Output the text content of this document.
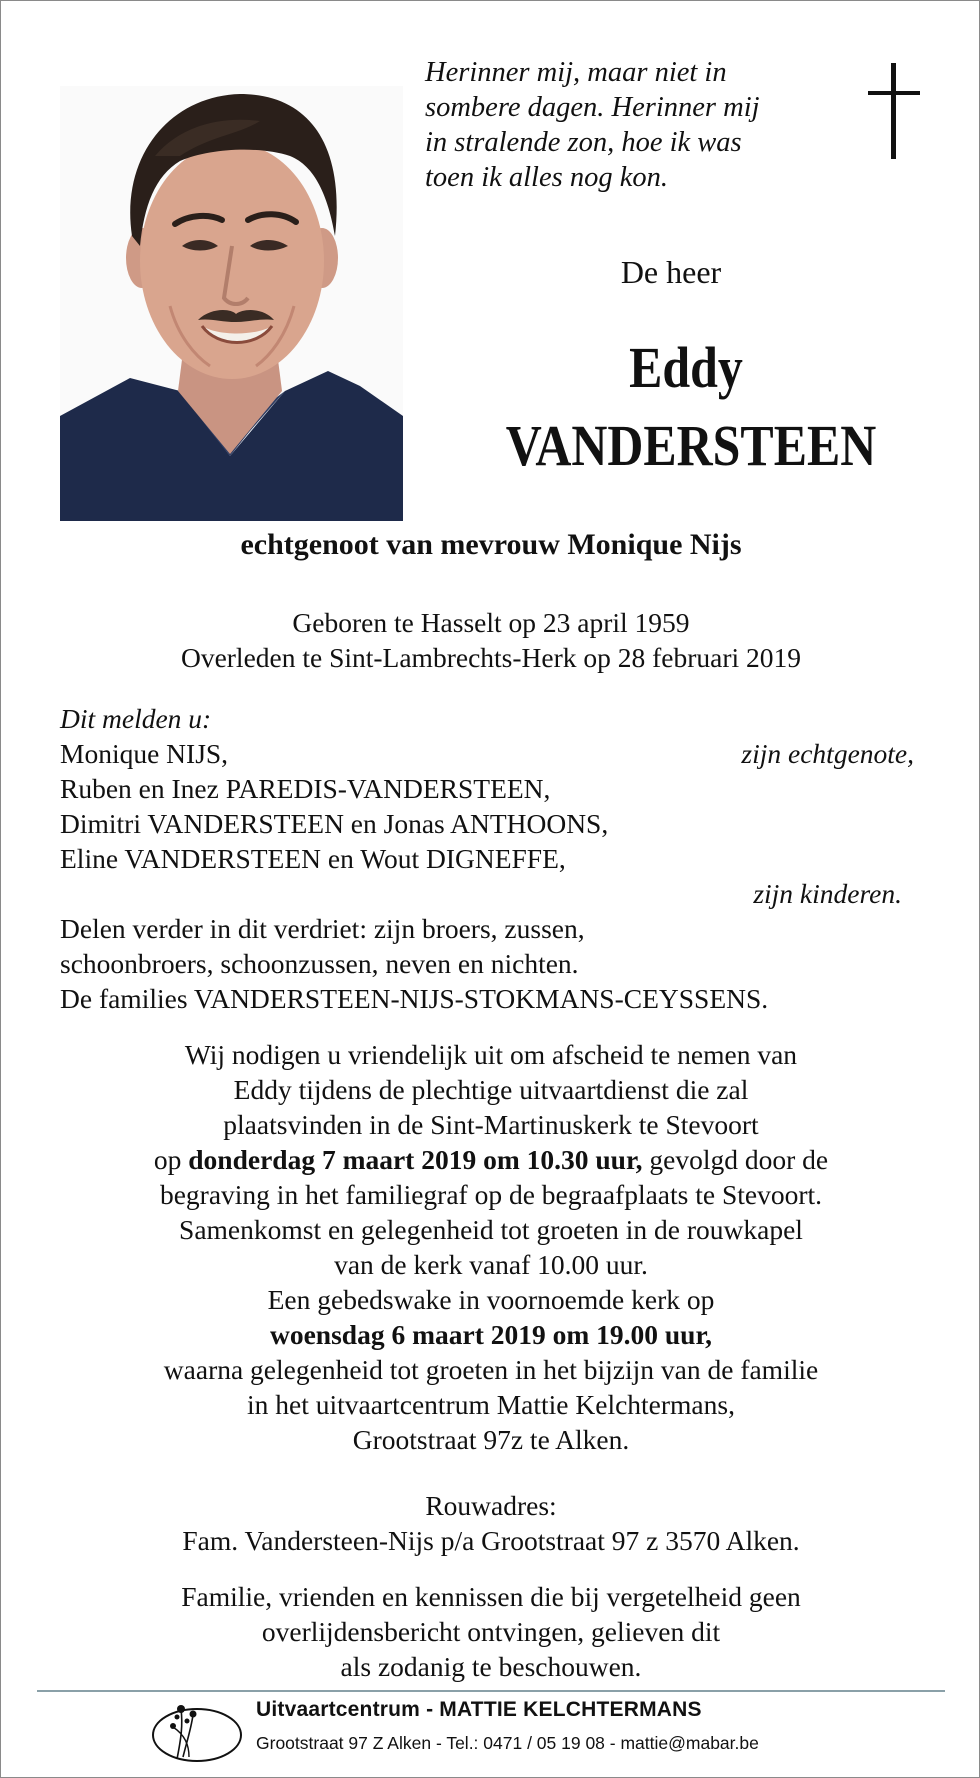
Herinner mij, maar niet in
sombere dagen. Herinner mij
in stralende zon, hoe ik was
toen ik alles nog kon.
De heer
Eddy
VANDERSTEEN
echtgenoot van mevrouw Monique Nijs
Geboren te Hasselt op 23 april 1959
Overleden te Sint-Lambrechts-Herk op 28 februari 2019
Dit melden u:
Monique NIJS,	zijn echtgenote,
Ruben en Inez PAREDIS-VANDERSTEEN,
Dimitri VANDERSTEEN en Jonas ANTHOONS,
Eline VANDERSTEEN en Wout DIGNEFFE,
zijn kinderen.
Delen verder in dit verdriet: zijn broers, zussen,
schoonbroers, schoonzussen, neven en nichten.
De families VANDERSTEEN-NIJS-STOKMANS-CEYSSENS.
Wij nodigen u vriendelijk uit om afscheid te nemen van
Eddy tijdens de plechtige uitvaartdienst die zal
plaatsvinden in de Sint-Martinuskerk te Stevoort
op donderdag 7 maart 2019 om 10.30 uur, gevolgd door de
begraving in het familiegraf op de begraafplaats te Stevoort.
Samenkomst en gelegenheid tot groeten in de rouwkapel
van de kerk vanaf 10.00 uur.
Een gebedswake in voornoemde kerk op
woensdag 6 maart 2019 om 19.00 uur,
waarna gelegenheid tot groeten in het bijzijn van de familie
in het uitvaartcentrum Mattie Kelchtermans,
Grootstraat 97z te Alken.
Rouwadres:
Fam. Vandersteen-Nijs p/a Grootstraat 97 z 3570 Alken.
Familie, vrienden en kennissen die bij vergetelheid geen
overlijdensbericht ontvingen, gelieven dit
als zodanig te beschouwen.
Uitvaartcentrum - MATTIE KELCHTERMANS
Grootstraat 97 Z Alken - Tel.: 0471 / 05 19 08 - mattie@mabar.be
